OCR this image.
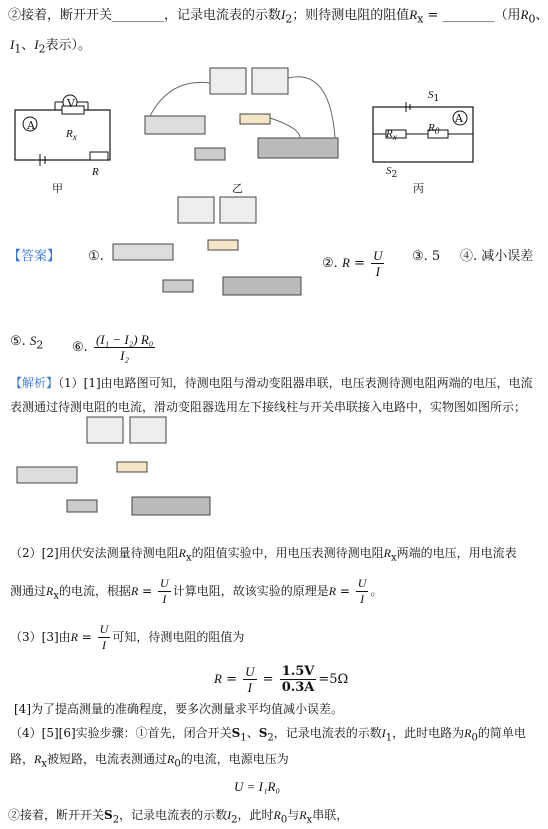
②接着，断开开关________，记录电流表的示数$I_2$；则待测电阻的阻值$R_x$ = ________（用$R_0$、
$I_1$、$I_2$表示）。
A
V
$R_x$
R
甲	乙
A
$S_1$
$S_2$
$R_x$
$R_0$
丙
【答案】 ①.	②. $R = \frac{U}{I}$ ③. 5 ④. 减小误差
⑤. $S_2$ ⑥. $\frac{\text{(I₁ − I₂) R₀}}{\text{I₂}}$
【解析】（1）[1]由电路图可知，待测电阻与滑动变阻器串联，电压表测待测电阻两端的电压，电流
表测通过待测电阻的电流，滑动变阻器选用左下接线柱与开关串联接入电路中，实物图如图所示；
（2）[2]用伏安法测量待测电阻$R_x$的阻值实验中，用电压表测待测电阻$R_x$两端的电压，用电流表
测通过$R_x$的电流，根据$R = \frac{U}{I}$ 计算电阻，故该实验的原理是$R = \frac{U}{I}$ 。
（3）[3]由$R = \frac{U}{I}$ 可知，待测电阻的阻值为
$R = \frac{U}{I} = \frac{1.5V}{0.3A} =5\Omega$
[4]为了提高测量的准确程度，要多次测量求平均值减小误差。
（4）[5][6]实验步骤：①首先，闭合开关$S_1$、$S_2$，记录电流表的示数$I_1$，此时电路为$R_0$的简单电
路，$R_x$被短路，电流表测通过$R_0$的电流，电源电压为
U = I₁R₀
②接着，断开开关$S_2$，记录电流表的示数$I_2$，此时$R_0$与$R_x$串联，
